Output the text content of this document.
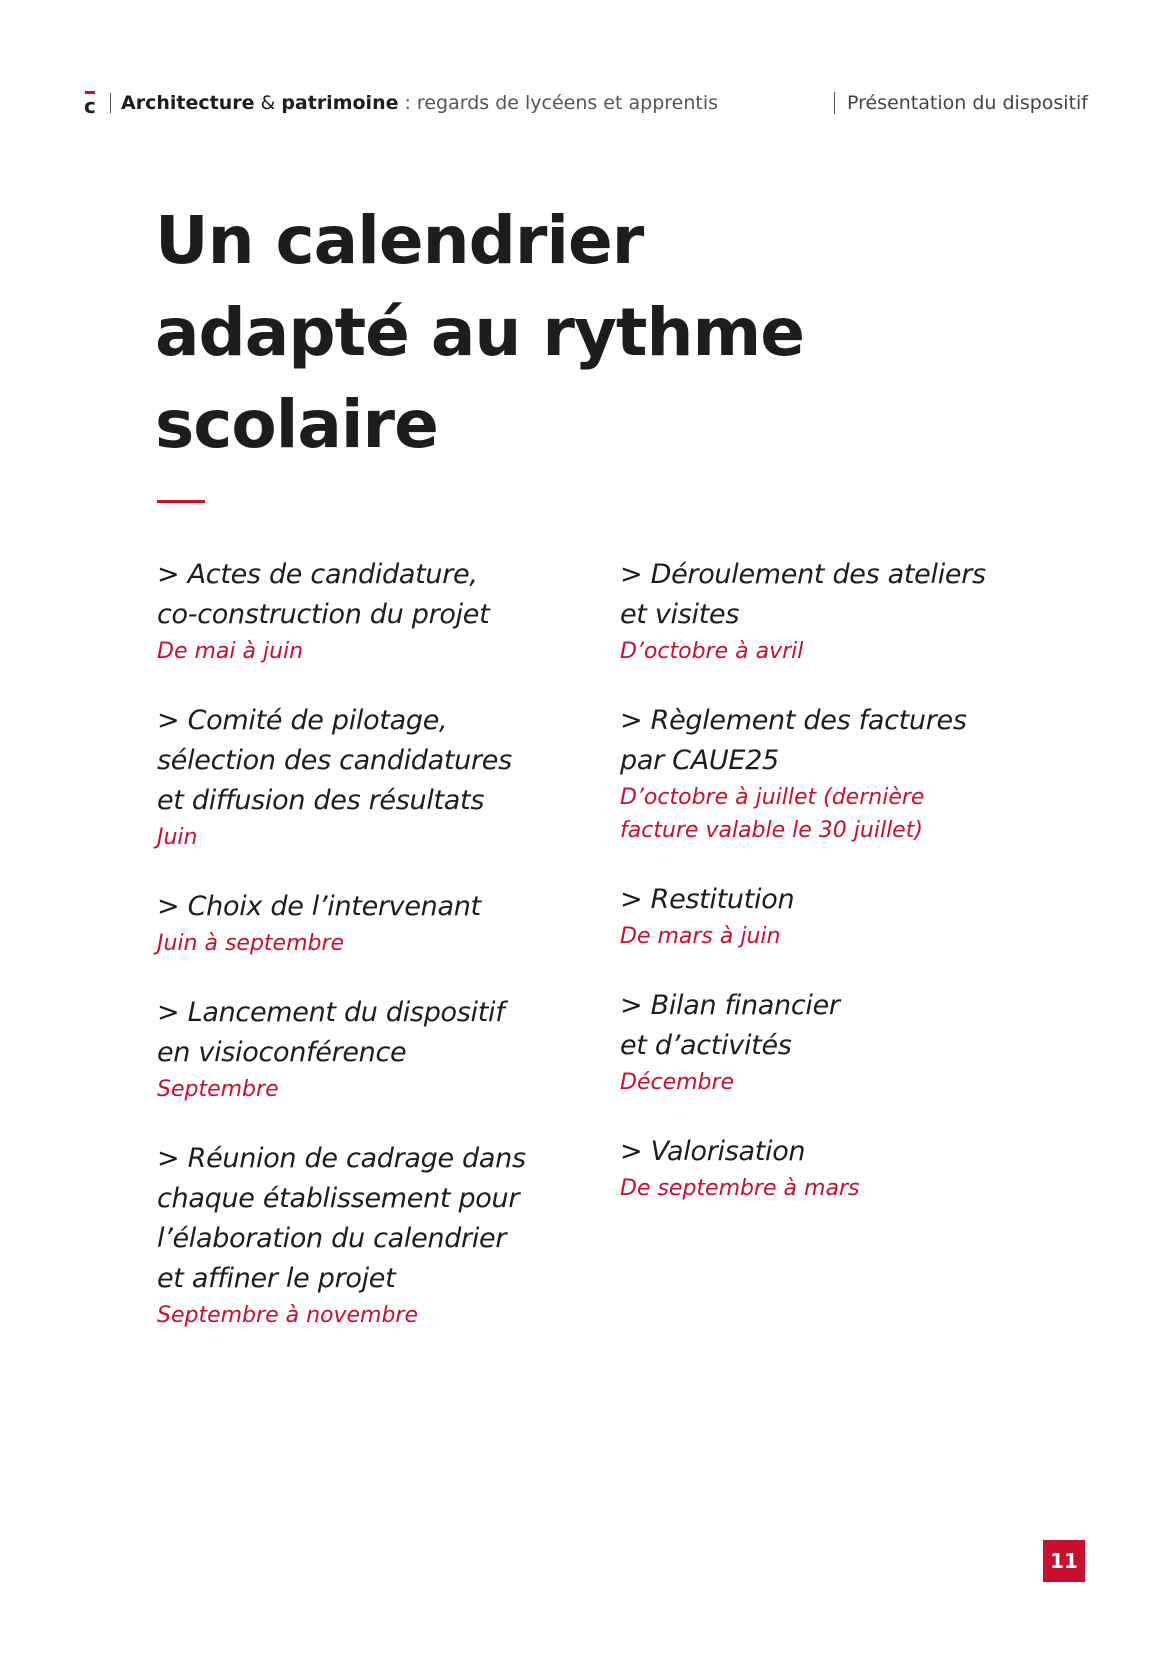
c Architecture & patrimoine : regards de lycéens et apprentis	Présentation du dispositif
Un calendrier
adapté au rythme
scolaire
> Actes de candidature,
co-construction du projet
De mai à juin
> Comité de pilotage,
sélection des candidatures
et diffusion des résultats
Juin
> Choix de l’intervenant
Juin à septembre
> Lancement du dispositif
en visioconférence
Septembre
> Réunion de cadrage dans
chaque établissement pour
l’élaboration du calendrier
et affiner le projet
Septembre à novembre
> Déroulement des ateliers
et visites
D’octobre à avril
> Règlement des factures
par CAUE25
D’octobre à juillet (dernière
facture valable le 30 juillet)
> Restitution
De mars à juin
> Bilan financier
et d’activités
Décembre
> Valorisation
De septembre à mars
11
